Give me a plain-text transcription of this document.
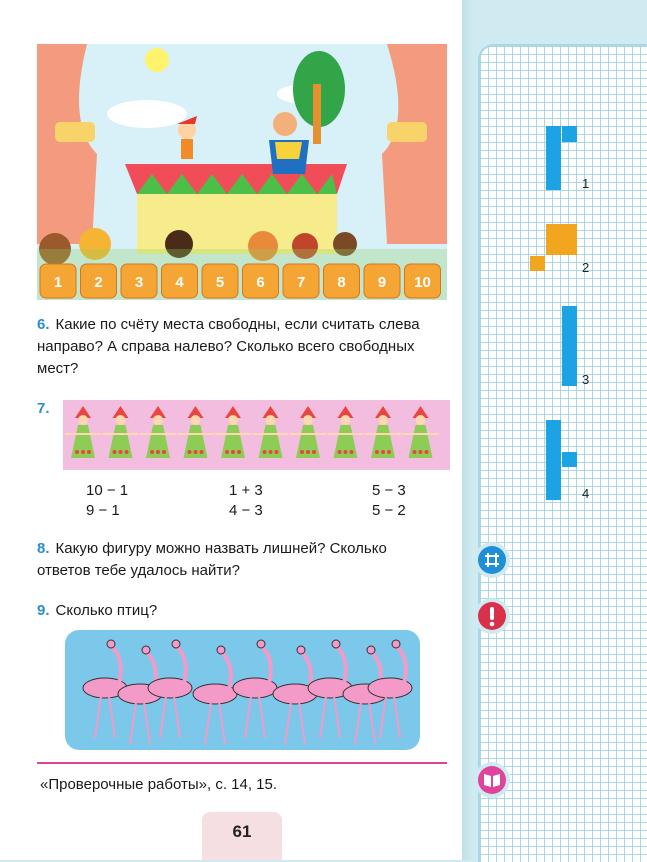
1 2 3 4 5 6 7 8 9 10
6. Какие по счёту места свободны, если считать слева направо? А справа налево? Сколько всего свободных мест?
7.
10 − 1
9 − 1
1 + 3
4 − 3
5 − 3
5 − 2
8. Какую фигуру можно назвать лишней? Сколько ответов тебе удалось найти?
9. Сколько птиц?
«Проверочные работы», с. 14, 15.
61
1
2
3
4
